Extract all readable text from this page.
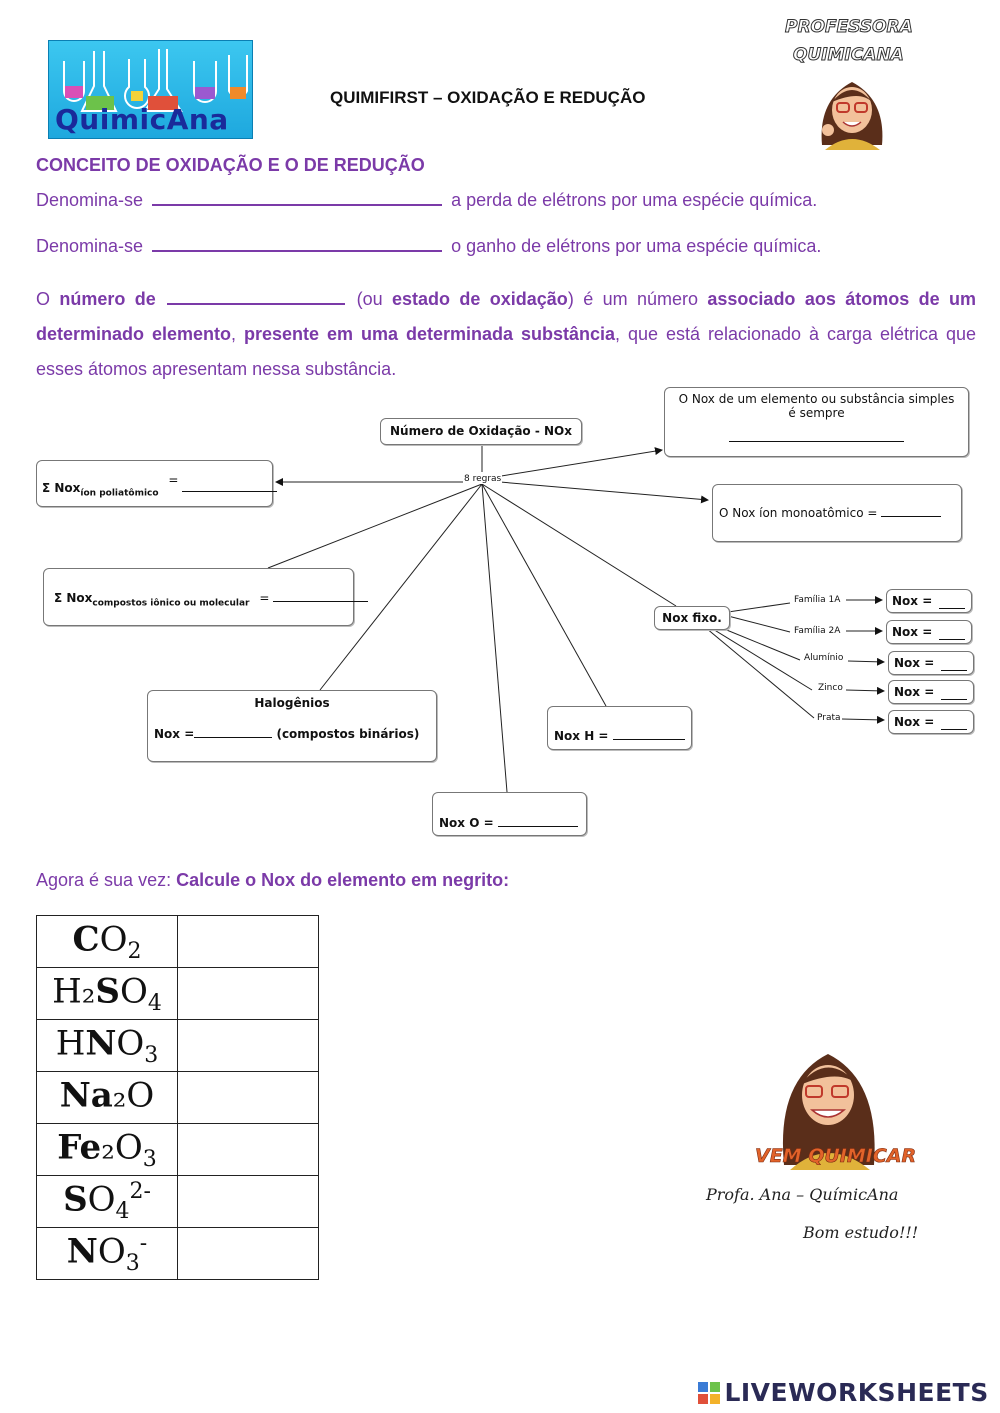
QuimicAna
QUIMIFIRST – OXIDAÇÃO E REDUÇÃO
PROFESSORA
QUIMICANA
CONCEITO DE OXIDAÇÃO E O DE REDUÇÃO
Denomina-se	a perda de elétrons por uma espécie química.
Denomina-se	o ganho de elétrons por uma espécie química.
O número de	(ou estado de oxidação) é um número associado aos átomos de um determinado elemento, presente em uma determinada substância, que está relacionado à carga elétrica que esses átomos apresentam nessa substância.
Número de Oxidação - NOx
8 regras
O Nox de um elemento ou substância simples
é sempre
O Nox íon monoatômico =
Σ Nox$_{íon poliatômico}$ =
Σ Nox$_{compostos iônico ou molecular}$ =
Halogênios
Nox =	(compostos binários)
Nox O =
Nox H =
Nox fixo.
Família 1A
Família 2A
Alumínio
Zinco
Prata
Nox =
Nox =
Nox =
Nox =
Nox =
Agora é sua vez: Calcule o Nox do elemento em negrito:
$CO_2$	
$H_2SO_4$	
$HNO_3$	
Na₂O	
$Fe_2O_3$	
$SO_4^{2-}$	
$NO_3^-$	
VEM QUIMICAR
Profa. Ana – QuímicAna
Bom estudo!!!
LIVEWORKSHEETS
